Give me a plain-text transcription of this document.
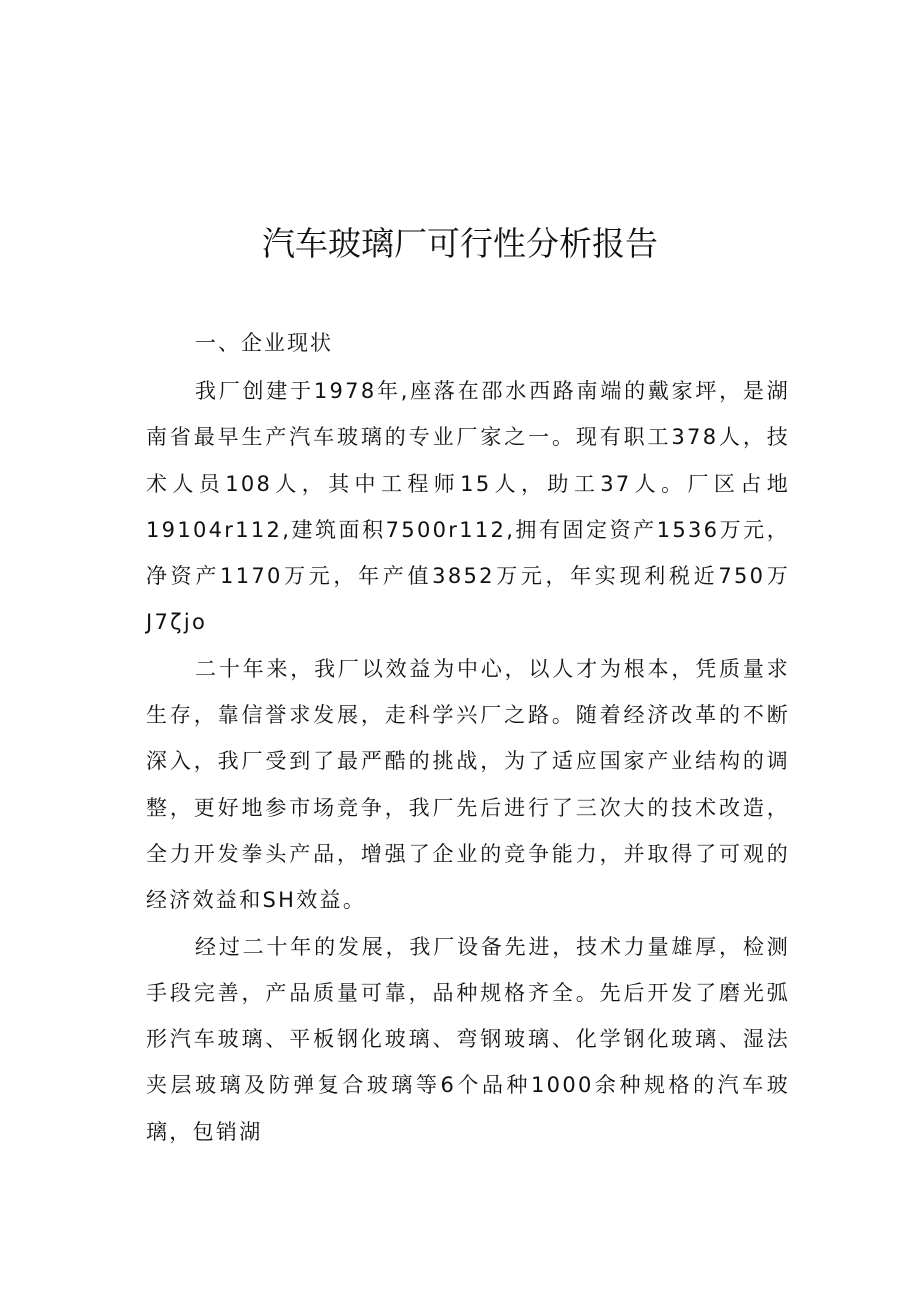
汽车玻璃厂可行性分析报告
一、企业现状

我厂创建于1978年,座落在邵水西路南端的戴家坪，是湖南省最早生产汽车玻璃的专业厂家之一。现有职工378人，技术人员108人，其中工程师15人，助工37人。厂区占地19104r112,建筑面积7500r112,拥有固定资产1536万元，净资产1170万元，年产值3852万元，年实现利税近750万J7ζjo

二十年来，我厂以效益为中心，以人才为根本，凭质量求生存，靠信誉求发展，走科学兴厂之路。随着经济改革的不断深入，我厂受到了最严酷的挑战，为了适应国家产业结构的调整，更好地参市场竞争，我厂先后进行了三次大的技术改造，全力开发拳头产品，增强了企业的竞争能力，并取得了可观的经济效益和SH效益。

经过二十年的发展，我厂设备先进，技术力量雄厚，检测手段完善，产品质量可靠，品种规格齐全。先后开发了磨光弧形汽车玻璃、平板钢化玻璃、弯钢玻璃、化学钢化玻璃、湿法夹层玻璃及防弹复合玻璃等6个品种1000余种规格的汽车玻璃，包销湖
